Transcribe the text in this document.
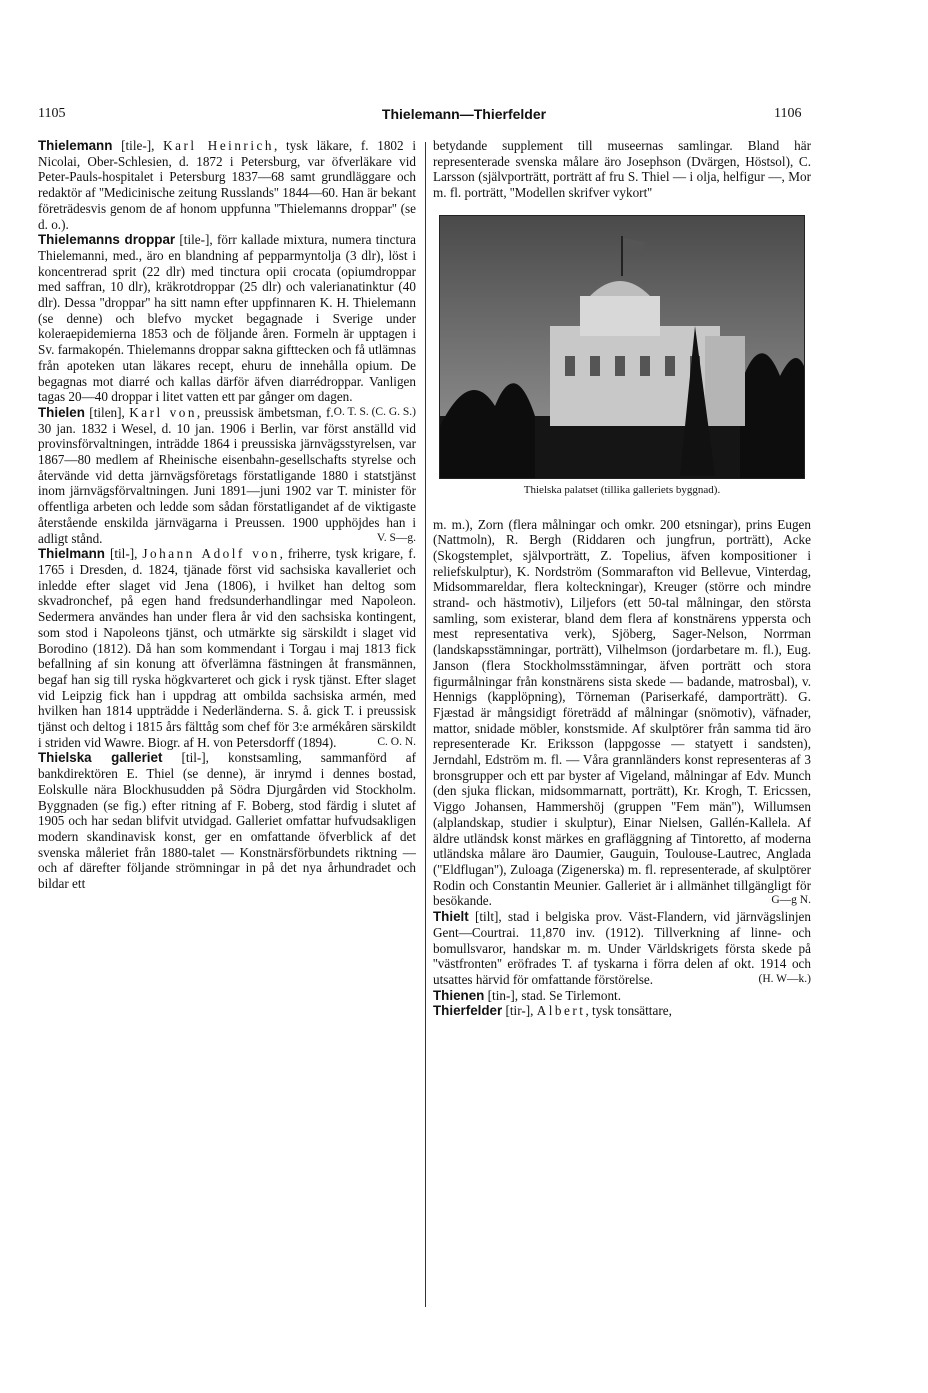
1105	Thielemann—Thierfelder	1106

Thielemann [tile-], Karl Heinrich, tysk läkare, f. 1802 i Nicolai, Ober-Schlesien, d. 1872 i Petersburg, var öfverläkare vid Peter-Pauls-hospitalet i Petersburg 1837—68 samt grundläggare och redaktör af ''Medicinische zeitung Russlands'' 1844—60. Han är bekant företrädesvis genom de af honom uppfunna ''Thielemanns droppar'' (se d. o.).

Thielemanns droppar [tile-], förr kallade mixtura, numera tinctura Thielemanni, med., äro en blandning af pepparmyntolja (3 dlr), löst i koncentrerad sprit (22 dlr) med tinctura opii crocata (opiumdroppar med saffran, 10 dlr), kräkrotdroppar (25 dlr) och valerianatinktur (40 dlr). Dessa ''droppar'' ha sitt namn efter uppfinnaren K. H. Thielemann (se denne) och blefvo mycket begagnade i Sverige under koleraepidemierna 1853 och de följande åren. Formeln är upptagen i Sv. farmakopén. Thielemanns droppar sakna gifttecken och få utlämnas från apoteken utan läkares recept, ehuru de innehålla opium. De begagnas mot diarré och kallas därför äfven diarrédroppar. Vanligen tagas 20—40 droppar i litet vatten ett par gånger om dagen.
O. T. S. (C. G. S.)

Thielen [tilen], Karl von, preussisk ämbetsman, f. 30 jan. 1832 i Wesel, d. 10 jan. 1906 i Berlin, var först anställd vid provinsförvaltningen, inträdde 1864 i preussiska järnvägsstyrelsen, var 1867—80 medlem af Rheinische eisenbahn-gesellschafts styrelse och återvände vid detta järnvägsföretags förstatligande 1880 i statstjänst inom järnvägsförvaltningen. Juni 1891—juni 1902 var T. minister för offentliga arbeten och ledde som sådan förstatligandet af de viktigaste återstående enskilda järnvägarna i Preussen. 1900 upphöjdes han i adligt stånd.	V. S—g.

Thielmann [til-], Johann Adolf von, friherre, tysk krigare, f. 1765 i Dresden, d. 1824, tjänade först vid sachsiska kavalleriet och inledde efter slaget vid Jena (1806), i hvilket han deltog som skvadronchef, på egen hand fredsunderhandlingar med Napoleon. Sedermera användes han under flera år vid den sachsiska kontingent, som stod i Napoleons tjänst, och utmärkte sig särskildt i slaget vid Borodino (1812). Då han som kommendant i Torgau i maj 1813 fick befallning af sin konung att öfverlämna fästningen åt fransmännen, begaf han sig till ryska högkvarteret och gick i rysk tjänst. Efter slaget vid Leipzig fick han i uppdrag att ombilda sachsiska armén, med hvilken han 1814 uppträdde i Nederländerna. S. å. gick T. i preussisk tjänst och deltog i 1815 års fälttåg som chef för 3:e armékåren särskildt i striden vid Wawre. Biogr. af H. von Petersdorff (1894).	C. O. N.

Thielska galleriet [til-], konstsamling, sammanförd af bankdirektören E. Thiel (se denne), är inrymd i dennes bostad, Eolskulle nära Blockhusudden på Södra Djurgården vid Stockholm. Byggnaden (se fig.) efter ritning af F. Boberg, stod färdig i slutet af 1905 och har sedan blifvit utvidgad. Galleriet omfattar hufvudsakligen modern skandinavisk konst, ger en omfattande öfverblick af det svenska måleriet från 1880-talet — Konstnärsförbundets riktning — och af därefter följande strömningar in på det nya århundradet och bildar ett

betydande supplement till museernas samlingar. Bland här representerade svenska målare äro Josephson (Dvärgen, Höstsol), C. Larsson (självporträtt, porträtt af fru S. Thiel — i olja, helfigur —, Mor m. fl. porträtt, ''Modellen skrifver vykort''

Thielska palatset (tillika galleriets byggnad).

m. m.), Zorn (flera målningar och omkr. 200 etsningar), prins Eugen (Nattmoln), R. Bergh (Riddaren och jungfrun, porträtt), Acke (Skogstemplet, självporträtt, Z. Topelius, äfven kompositioner i reliefskulptur), K. Nordström (Sommarafton vid Bellevue, Vinterdag, Midsommareldar, flera kolteckningar), Kreuger (större och mindre strand- och hästmotiv), Liljefors (ett 50-tal målningar, den största samling, som existerar, bland dem flera af konstnärens yppersta och mest representativa verk), Sjöberg, Sager-Nelson, Norrman (landskapsstämningar, porträtt), Vilhelmson (jordarbetare m. fl.), Eug. Janson (flera Stockholmsstämningar, äfven porträtt och stora figurmålningar från konstnärens sista skede — badande, matrosbal), v. Hennigs (kapplöpning), Törneman (Pariserkafé, damporträtt). G. Fjæstad är mångsidigt företrädd af målningar (snömotiv), väfnader, mattor, snidade möbler, konstsmide. Af skulptörer från samma tid äro representerade Kr. Eriksson (lappgosse — statyett i sandsten), Jerndahl, Edström m. fl. — Våra grannländers konst representeras af 3 bronsgrupper och ett par byster af Vigeland, målningar af Edv. Munch (den sjuka flickan, midsommarnatt, porträtt), Kr. Krogh, T. Ericssen, Viggo Johansen, Hammershöj (gruppen ''Fem män''), Willumsen (alplandskap, studier i skulptur), Einar Nielsen, Gallén-Kallela. Af äldre utländsk konst märkes en grafläggning af Tintoretto, af moderna utländska målare äro Daumier, Gauguin, Toulouse-Lautrec, Anglada (''Eldflugan''), Zuloaga (Zigenerska) m. fl. representerade, af skulptörer Rodin och Constantin Meunier. Galleriet är i allmänhet tillgängligt för besökande.	G—g N.

Thielt [tilt], stad i belgiska prov. Väst-Flandern, vid järnvägslinjen Gent—Courtrai. 11,870 inv. (1912). Tillverkning af linne- och bomullsvaror, handskar m. m. Under Världskrigets första skede på ''västfronten'' eröfrades T. af tyskarna i förra delen af okt. 1914 och utsattes härvid för omfattande förstörelse.	(H. W—k.)

Thienen [tin-], stad. Se Tirlemont.

Thierfelder [tir-], Albert, tysk tonsättare,
